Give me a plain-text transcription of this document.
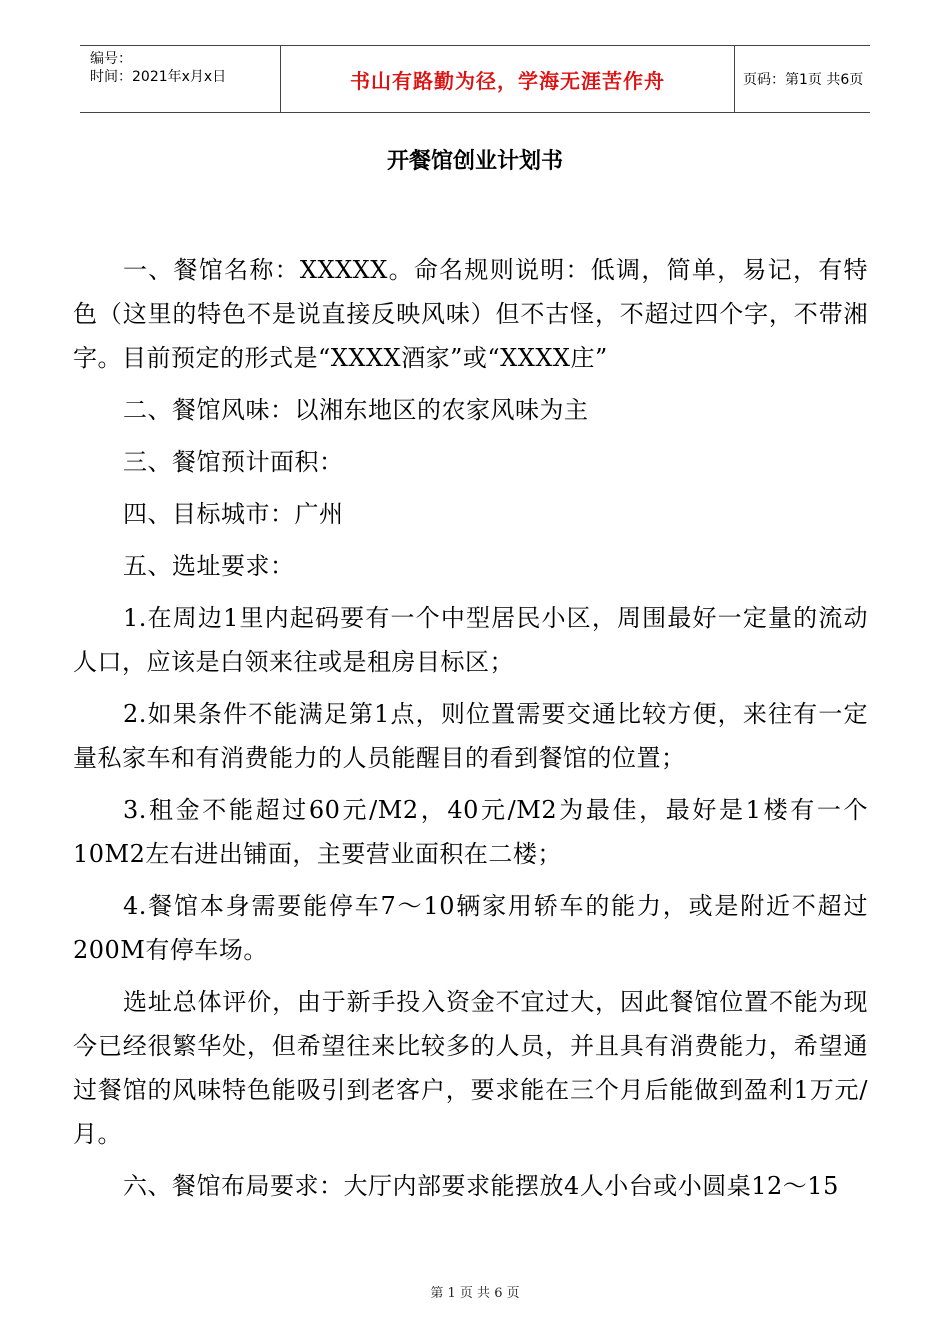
编号：
时间：2021年x月x日	书山有路勤为径，学海无涯苦作舟	页码：第1页 共6页
开餐馆创业计划书

一、餐馆名称：XXXXX。命名规则说明：低调，简单，易记，有特色（这里的特色不是说直接反映风味）但不古怪，不超过四个字，不带湘字。目前预定的形式是“XXXX酒家”或“XXXX庄”

二、餐馆风味：以湘东地区的农家风味为主

三、餐馆预计面积：

四、目标城市：广州

五、选址要求：

1.在周边1里内起码要有一个中型居民小区，周围最好一定量的流动人口，应该是白领来往或是租房目标区；

2.如果条件不能满足第1点，则位置需要交通比较方便，来往有一定量私家车和有消费能力的人员能醒目的看到餐馆的位置；

3.租金不能超过60元/M2，40元/M2为最佳，最好是1楼有一个10M2左右进出铺面，主要营业面积在二楼；

4.餐馆本身需要能停车7～10辆家用轿车的能力，或是附近不超过200M有停车场。

选址总体评价，由于新手投入资金不宜过大，因此餐馆位置不能为现今已经很繁华处，但希望往来比较多的人员，并且具有消费能力，希望通过餐馆的风味特色能吸引到老客户，要求能在三个月后能做到盈利1万元/月。

六、餐馆布局要求：大厅内部要求能摆放4人小台或小圆桌12～15

第 1 页 共 6 页
